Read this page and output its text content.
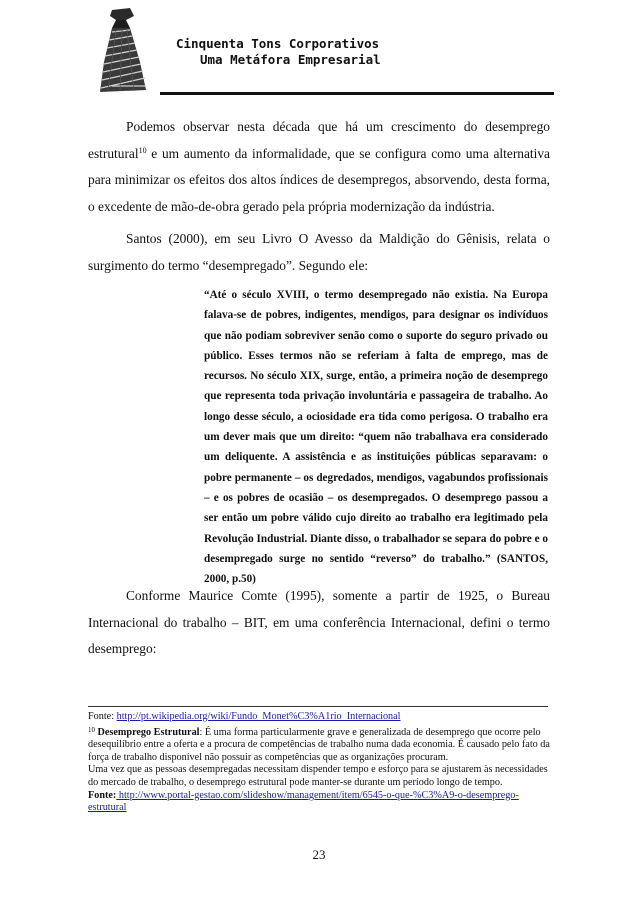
Cinquenta Tons Corporativos
Uma Metáfora Empresarial

Podemos observar nesta década que há um crescimento do desemprego estrutural$^{10}$ e um aumento da informalidade, que se configura como uma alternativa para minimizar os efeitos dos altos índices de desempregos, absorvendo, desta forma, o excedente de mão-de-obra gerado pela própria modernização da indústria.

Santos (2000), em seu Livro O Avesso da Maldição do Gênisis, relata o surgimento do termo “desempregado”. Segundo ele:

“Até o século XVIII, o termo desempregado não existia. Na Europa falava-se de pobres, indigentes, mendigos, para designar os indivíduos que não podiam sobreviver senão como o suporte do seguro privado ou público. Esses termos não se referiam à falta de emprego, mas de recursos. No século XIX, surge, então, a primeira noção de desemprego que representa toda privação involuntária e passageira de trabalho. Ao longo desse século, a ociosidade era tida como perigosa. O trabalho era um dever mais que um direito: “quem não trabalhava era considerado um deliquente. A assistência e as instituições públicas separavam: o pobre permanente – os degredados, mendigos, vagabundos profissionais – e os pobres de ocasião – os desempregados. O desemprego passou a ser então um pobre válido cujo direito ao trabalho era legitimado pela Revolução Industrial. Diante disso, o trabalhador se separa do pobre e o desempregado surge no sentido “reverso” do trabalho.” (SANTOS, 2000, p.50)

Conforme Maurice Comte (1995), somente a partir de 1925, o Bureau Internacional do trabalho – BIT, em uma conferência Internacional, defini o termo desemprego:

Fonte: http://pt.wikipedia.org/wiki/Fundo_Monet%C3%A1rio_Internacional

$^{10}$ Desemprego Estrutural: É uma forma particularmente grave e generalizada de desemprego que ocorre pelo desequilíbrio entre a oferta e a procura de competências de trabalho numa dada economia. É causado pelo fato da força de trabalho disponível não possuir as competências que as organizações procuram.

Uma vez que as pessoas desempregadas necessitam dispender tempo e esforço para se ajustarem às necessidades do mercado de trabalho, o desemprego estrutural pode manter-se durante um período longo de tempo.

Fonte: http://www.portal-gestao.com/slideshow/management/item/6545-o-que-%C3%A9-o-desemprego-estrutural

23
